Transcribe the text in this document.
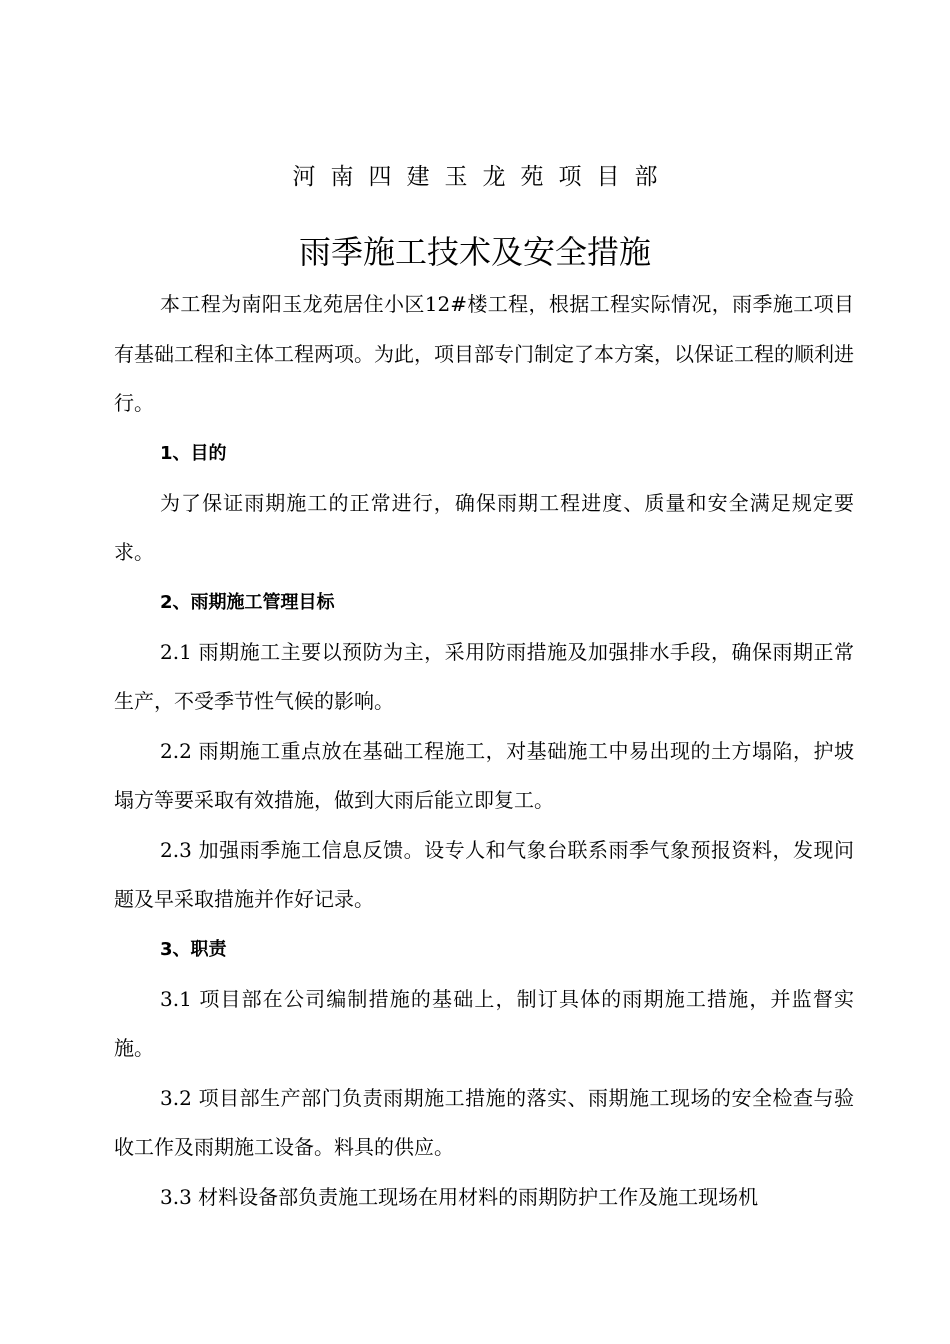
河南四建玉龙苑项目部
雨季施工技术及安全措施

本工程为南阳玉龙苑居住小区12#楼工程，根据工程实际情况，雨季施工项目有基础工程和主体工程两项。为此，项目部专门制定了本方案，以保证工程的顺利进行。

1、目的

为了保证雨期施工的正常进行，确保雨期工程进度、质量和安全满足规定要求。

2、雨期施工管理目标

2.1 雨期施工主要以预防为主，采用防雨措施及加强排水手段，确保雨期正常生产，不受季节性气候的影响。

2.2 雨期施工重点放在基础工程施工，对基础施工中易出现的土方塌陷，护坡塌方等要采取有效措施，做到大雨后能立即复工。

2.3 加强雨季施工信息反馈。设专人和气象台联系雨季气象预报资料，发现问题及早采取措施并作好记录。

3、职责

3.1 项目部在公司编制措施的基础上，制订具体的雨期施工措施，并监督实施。

3.2 项目部生产部门负责雨期施工措施的落实、雨期施工现场的安全检查与验收工作及雨期施工设备。料具的供应。

3.3 材料设备部负责施工现场在用材料的雨期防护工作及施工现场机
